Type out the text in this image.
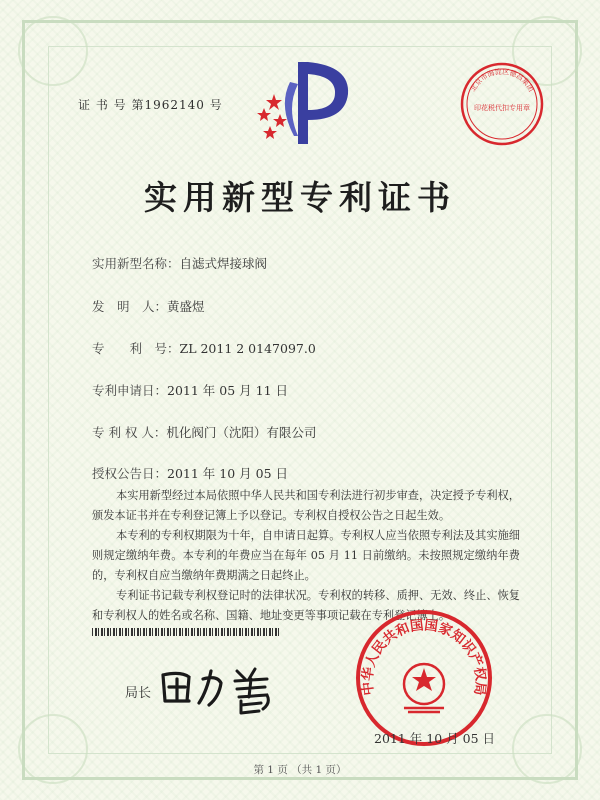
证 书 号 第1962140 号
北京市海淀区德昌集团
印花税代扣专用章
实用新型专利证书
实用新型名称：自滤式焊接球阀
发　明　人：黄盛煜
专　　利　号：ZL 2011 2 0147097.0
专利申请日：2011 年 05 月 11 日
专 利 权 人：机化阀门（沈阳）有限公司
授权公告日：2011 年 10 月 05 日

本实用新型经过本局依照中华人民共和国专利法进行初步审查，决定授予专利权，颁发本证书并在专利登记簿上予以登记。专利权自授权公告之日起生效。

本专利的专利权期限为十年，自申请日起算。专利权人应当依照专利法及其实施细则规定缴纳年费。本专利的年费应当在每年 05 月 11 日前缴纳。未按照规定缴纳年费的，专利权自应当缴纳年费期满之日起终止。

专利证书记载专利权登记时的法律状况。专利权的转移、质押、无效、终止、恢复和专利权人的姓名或名称、国籍、地址变更等事项记载在专利登记簿上。

局长	中华人民共和国国家知识产权局
2011 年 10 月 05 日
第 1 页 （共 1 页）
